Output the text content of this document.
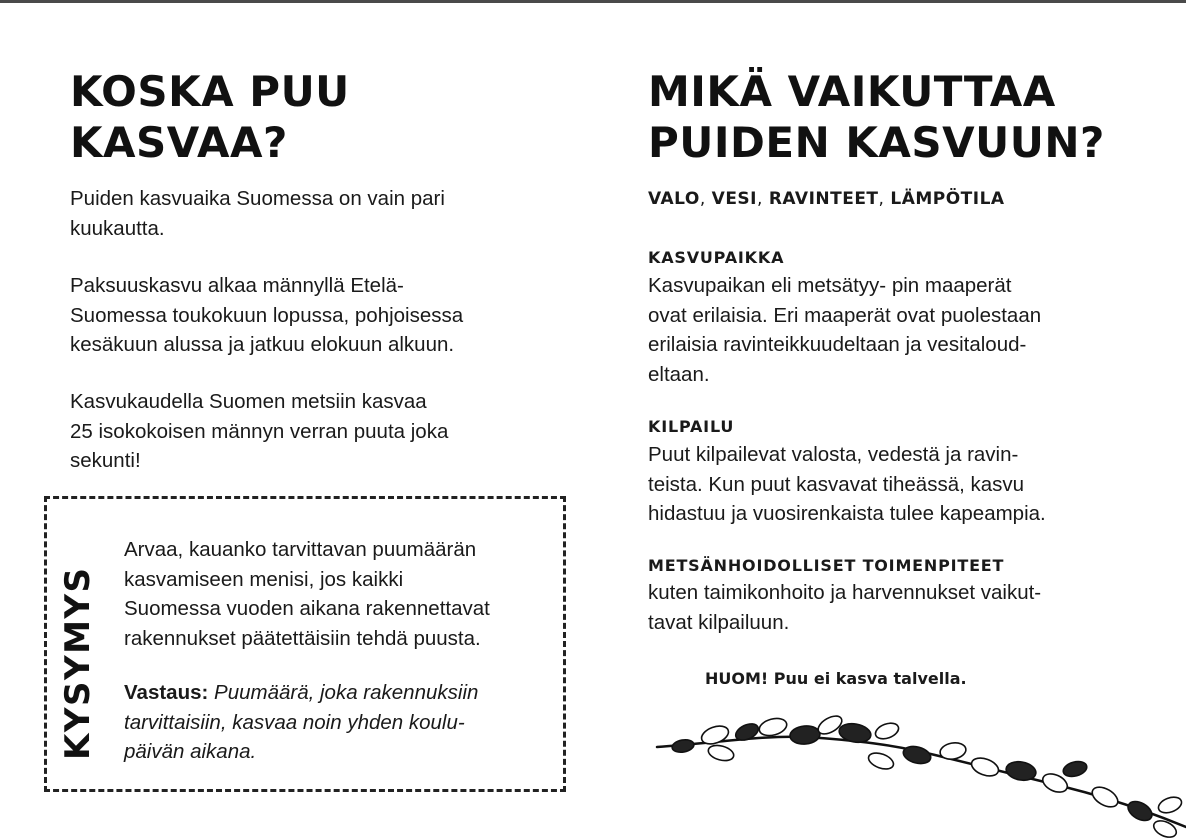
KOSKA PUU
KASVAA?

Puiden kasvuaika Suomessa on vain pari
kuukautta.

Paksuuskasvu alkaa männyllä Etelä-
Suomessa toukokuun lopussa, pohjoisessa
kesäkuun alussa ja jatkuu elokuun alkuun.

Kasvukaudella Suomen metsiin kasvaa
25 isokokoisen männyn verran puuta joka
sekunti!

KYSYMYS

Arvaa, kauanko tarvittavan puumäärän
kasvamiseen menisi, jos kaikki
Suomessa vuoden aikana rakennettavat
rakennukset päätettäisiin tehdä puusta.

Vastaus: Puumäärä, joka rakennuksiin
tarvittaisiin, kasvaa noin yhden koulu-
päivän aikana.

MIKÄ VAIKUTTAA
PUIDEN KASVUUN?

VALO, VESI, RAVINTEET, LÄMPÖTILA

KASVUPAIKKA

Kasvupaikan eli metsätyy- pin maaperät
ovat erilaisia. Eri maaperät ovat puolestaan
erilaisia ravinteikkuudeltaan ja vesitaloud-
eltaan.

KILPAILU

Puut kilpailevat valosta, vedestä ja ravin-
teista. Kun puut kasvavat tiheässä, kasvu
hidastuu ja vuosirenkaista tulee kapeampia.

METSÄNHOIDOLLISET TOIMENPITEET

kuten taimikonhoito ja harvennukset vaikut-
tavat kilpailuun.

HUOM! Puu ei kasva talvella.
